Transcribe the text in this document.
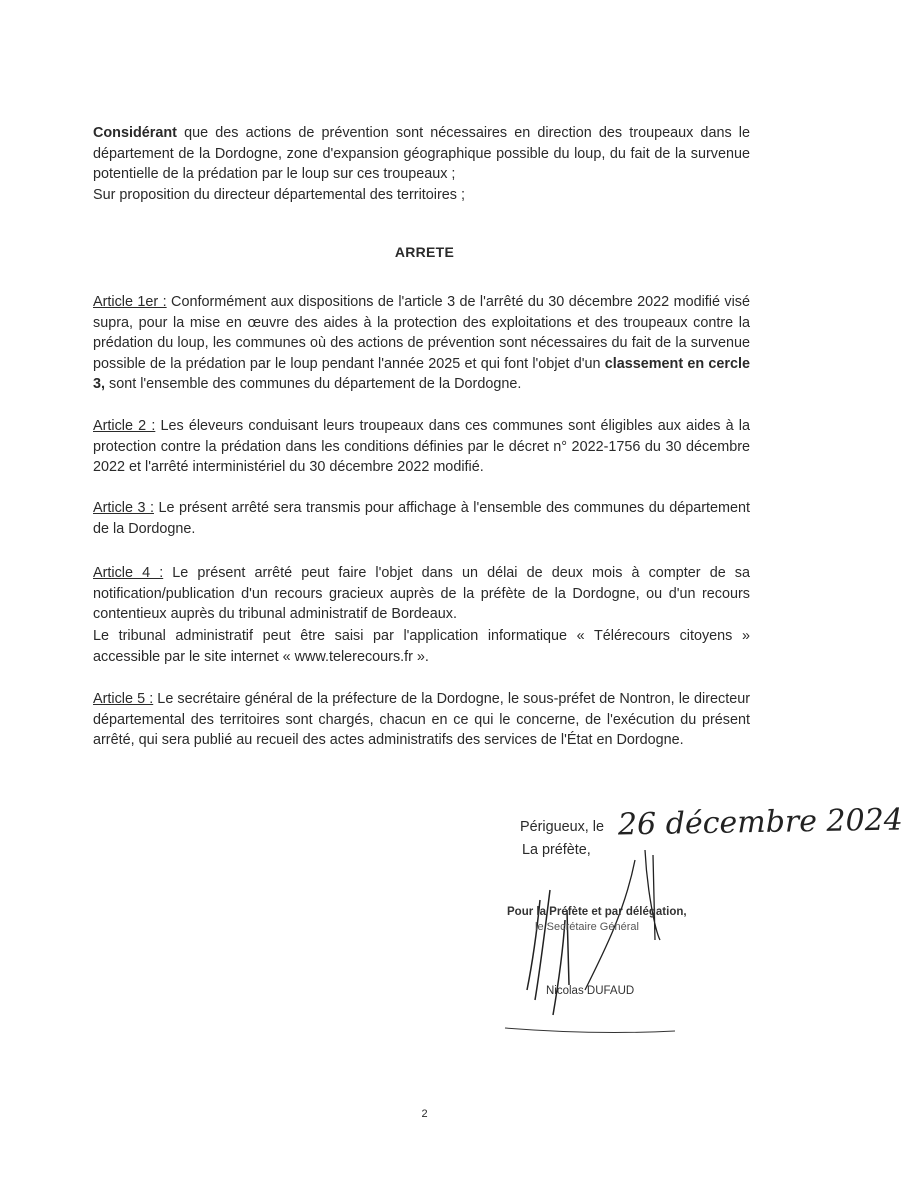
Considérant que des actions de prévention sont nécessaires en direction des troupeaux dans le département de la Dordogne, zone d'expansion géographique possible du loup, du fait de la survenue potentielle de la prédation par le loup sur ces troupeaux ;

Sur proposition du directeur départemental des territoires ;

ARRETE

Article 1er : Conformément aux dispositions de l'article 3 de l'arrêté du 30 décembre 2022 modifié visé supra, pour la mise en œuvre des aides à la protection des exploitations et des troupeaux contre la prédation du loup, les communes où des actions de prévention sont nécessaires du fait de la survenue possible de la prédation par le loup pendant l'année 2025 et qui font l'objet d'un classement en cercle 3, sont l'ensemble des communes du département de la Dordogne.

Article 2 : Les éleveurs conduisant leurs troupeaux dans ces communes sont éligibles aux aides à la protection contre la prédation dans les conditions définies par le décret n° 2022-1756 du 30 décembre 2022 et l'arrêté interministériel du 30 décembre 2022 modifié.

Article 3 : Le présent arrêté sera transmis pour affichage à l'ensemble des communes du département de la Dordogne.

Article 4 : Le présent arrêté peut faire l'objet dans un délai de deux mois à compter de sa notification/publication d'un recours gracieux auprès de la préfète de la Dordogne, ou d'un recours contentieux auprès du tribunal administratif de Bordeaux.

Le tribunal administratif peut être saisi par l'application informatique « Télérecours citoyens » accessible par le site internet « www.telerecours.fr ».

Article 5 : Le secrétaire général de la préfecture de la Dordogne, le sous-préfet de Nontron, le directeur départemental des territoires sont chargés, chacun en ce qui le concerne, de l'exécution du présent arrêté, qui sera publié au recueil des actes administratifs des services de l'État en Dordogne.

Périgueux, le 26 décembre 2024
La préfète,
Pour la Préfète et par délégation,
le Secrétaire Général
Nicolas DUFAUD
2
